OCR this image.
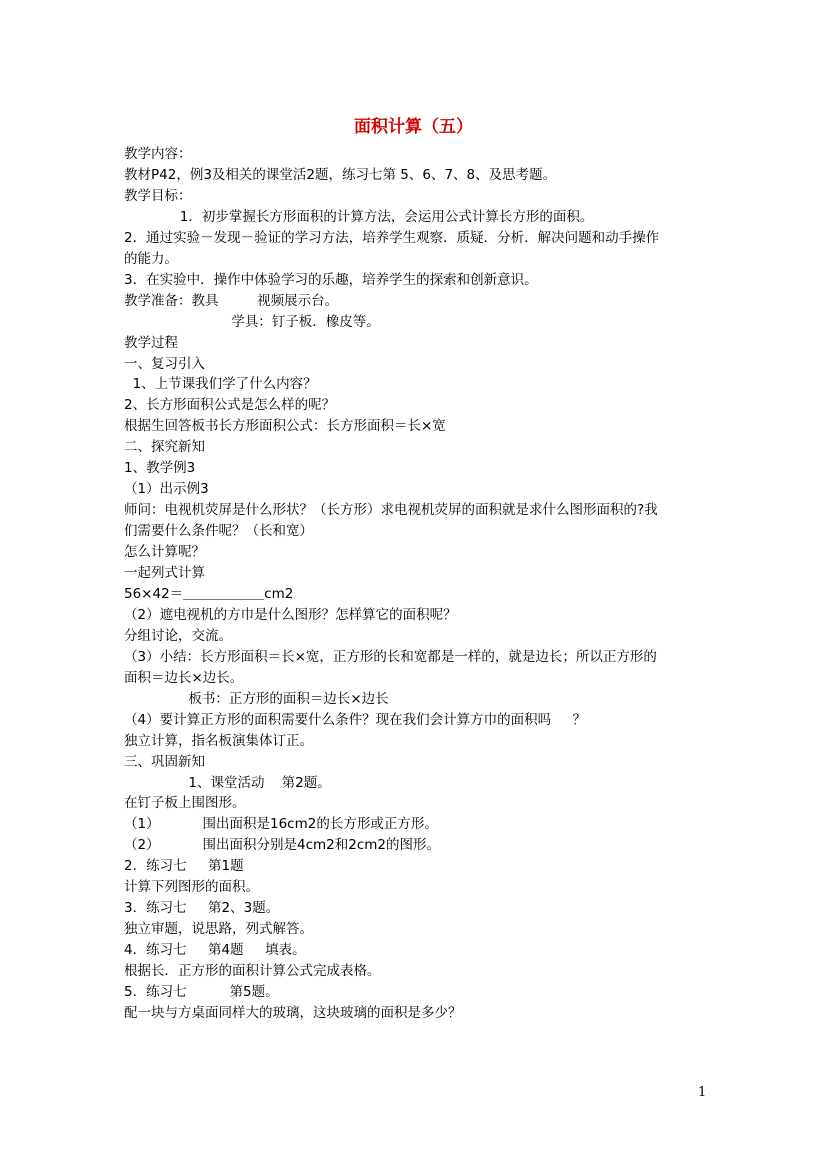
面积计算（五）
教学内容：
教材P42，例3及相关的课堂活2题，练习七第 5、6、7、8、及思考题。
教学目标：
1．初步掌握长方形面积的计算方法，会运用公式计算长方形的面积。
2．通过实验－发现－验证的学习方法，培养学生观察．质疑．分析．解决问题和动手操作
的能力。
3．在实验中．操作中体验学习的乐趣，培养学生的探索和创新意识。
教学准备：教具         视频展示台。
学具：钉子板．橡皮等。
教学过程
一、复习引入
1、上节课我们学了什么内容？
2、长方形面积公式是怎么样的呢？
根据生回答板书长方形面积公式：长方形面积＝长×宽
二、探究新知
1、教学例3
（1）出示例3
师问：电视机荧屏是什么形状？（长方形）求电视机荧屏的面积就是求什么图形面积的?我
们需要什么条件呢？（长和宽）
怎么计算呢？
一起列式计算
56×42＝＿＿＿＿＿＿cm2
（2）遮电视机的方巾是什么图形？怎样算它的面积呢？
分组讨论，交流。
（3）小结：长方形面积＝长×宽，正方形的长和宽都是一样的，就是边长；所以正方形的
面积＝边长×边长。
板书：正方形的面积＝边长×边长
（4）要计算正方形的面积需要什么条件？现在我们会计算方巾的面积吗     ？
独立计算，指名板演集体订正。
三、巩固新知
1、课堂活动    第2题。
在钉子板上围图形。
（1）          围出面积是16cm2的长方形或正方形。
（2）          围出面积分别是4cm2和2cm2的图形。
2．练习七     第1题
计算下列图形的面积。
3．练习七     第2、3题。
独立审题，说思路，列式解答。
4．练习七     第4题     填表。
根据长．正方形的面积计算公式完成表格。
5．练习七          第5题。
配一块与方桌面同样大的玻璃，这块玻璃的面积是多少？
1
